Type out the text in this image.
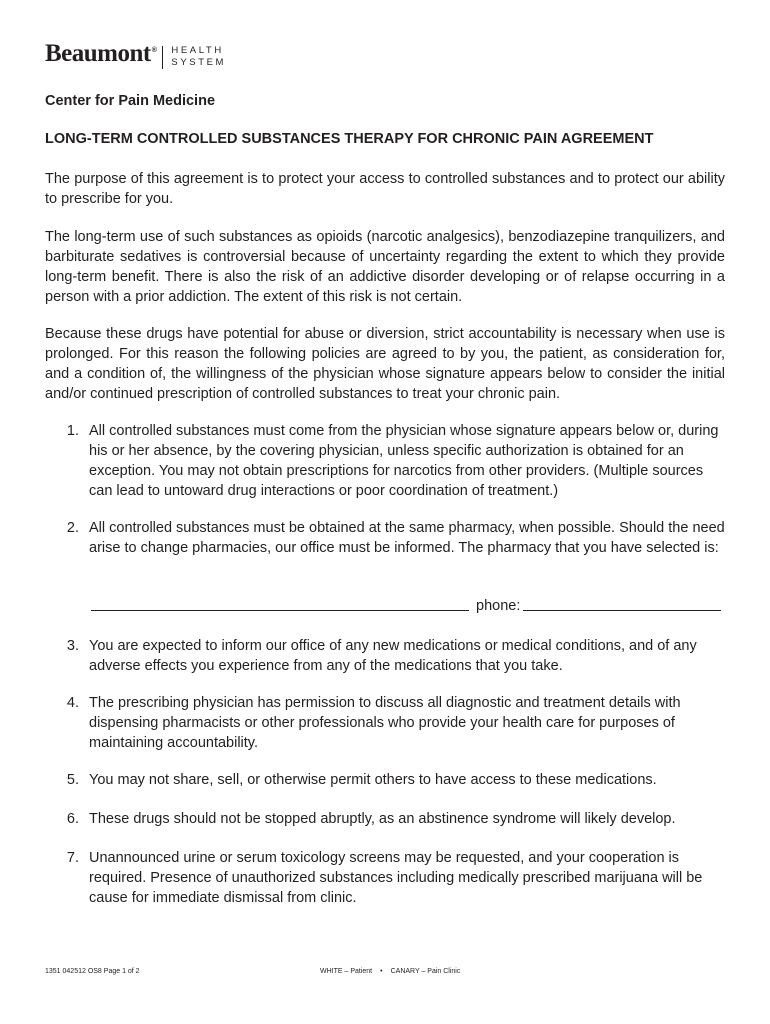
Beaumont® HEALTH
SYSTEM
Center for Pain Medicine
LONG-TERM CONTROLLED SUBSTANCES THERAPY FOR CHRONIC PAIN AGREEMENT

The purpose of this agreement is to protect your access to controlled substances and to protect our ability to prescribe for you.

The long-term use of such substances as opioids (narcotic analgesics), benzodiazepine tranquilizers, and barbiturate sedatives is controversial because of uncertainty regarding the extent to which they provide long-term benefit. There is also the risk of an addictive disorder developing or of relapse occurring in a person with a prior addiction. The extent of this risk is not certain.

Because these drugs have potential for abuse or diversion, strict accountability is necessary when use is prolonged. For this reason the following policies are agreed to by you, the patient, as consideration for, and a condition of, the willingness of the physician whose signature appears below to consider the initial and/or continued prescription of controlled substances to treat your chronic pain.

1. All controlled substances must come from the physician whose signature appears below or, during his or her absence, by the covering physician, unless specific authorization is obtained for an exception. You may not obtain prescriptions for narcotics from other providers. (Multiple sources can lead to untoward drug interactions or poor coordination of treatment.)
2. All controlled substances must be obtained at the same pharmacy, when possible. Should the need arise to change pharmacies, our office must be informed. The pharmacy that you have selected is:
3. You are expected to inform our office of any new medications or medical conditions, and of any adverse effects you experience from any of the medications that you take.
4. The prescribing physician has permission to discuss all diagnostic and treatment details with dispensing pharmacists or other professionals who provide your health care for purposes of maintaining accountability.
5. You may not share, sell, or otherwise permit others to have access to these medications.
6. These drugs should not be stopped abruptly, as an abstinence syndrome will likely develop.
7. Unannounced urine or serum toxicology screens may be requested, and your cooperation is required. Presence of unauthorized substances including medically prescribed marijuana will be cause for immediate dismissal from clinic.
phone:
1351 042512 OS8 Page 1 of 2	WHITE – Patient • CANARY – Pain Clinic
